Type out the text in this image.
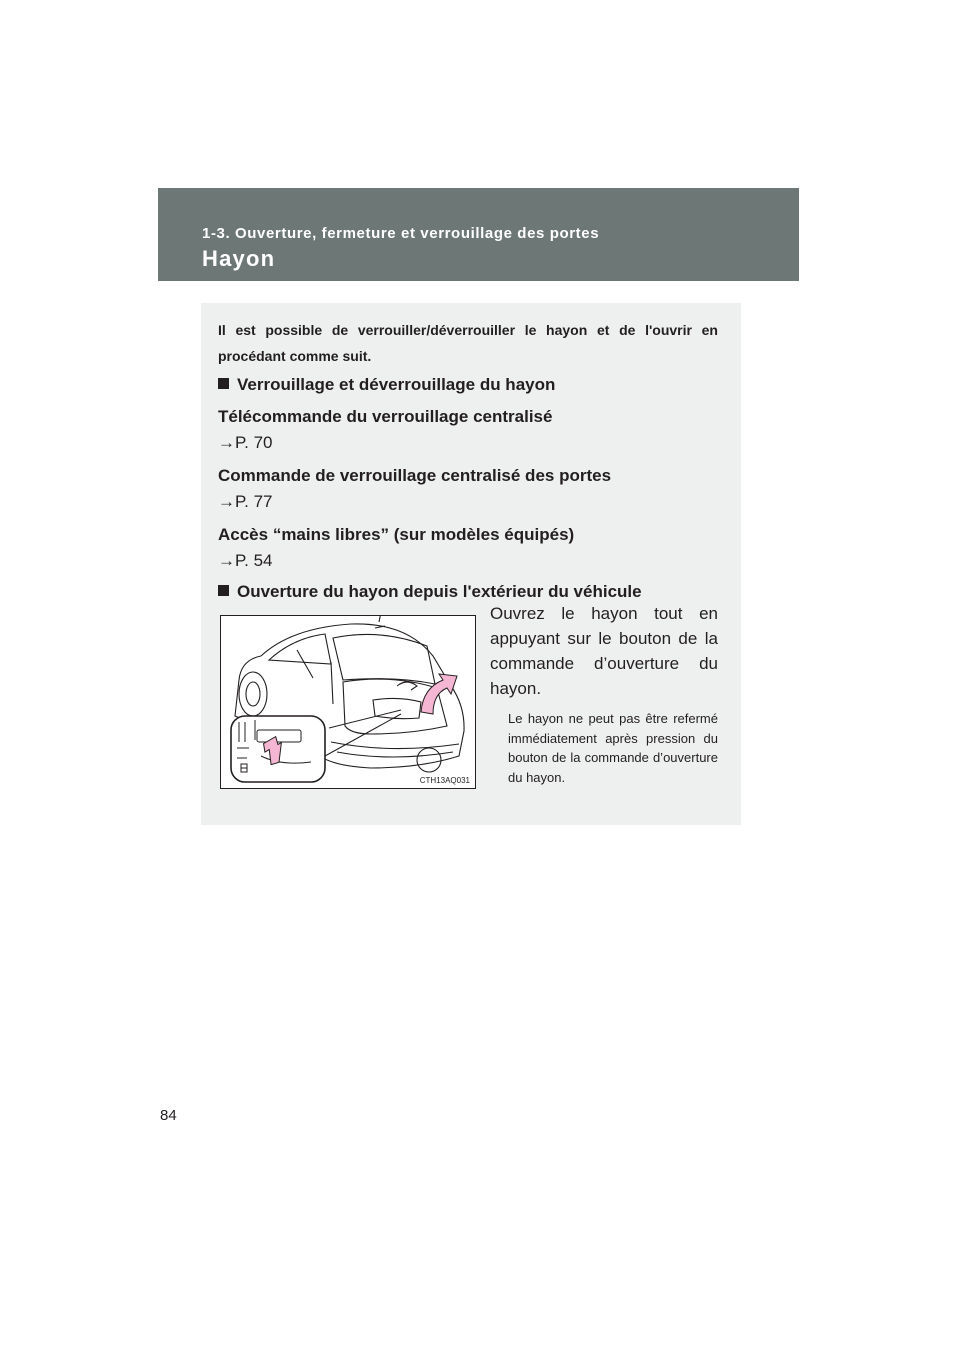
1-3. Ouverture, fermeture et verrouillage des portes
Hayon
Il est possible de verrouiller/déverrouiller le hayon et de l'ouvrir en procédant comme suit.
Verrouillage et déverrouillage du hayon
Télécommande du verrouillage centralisé
→P. 70
Commande de verrouillage centralisé des portes
→P. 77
Accès “mains libres” (sur modèles équipés)
→P. 54
Ouverture du hayon depuis l'extérieur du véhicule
CTH13AQ031
Ouvrez le hayon tout en appuyant sur le bouton de la commande d’ouverture du hayon.
Le hayon ne peut pas être refermé immédiatement après pression du bouton de la commande d’ouverture du hayon.
84
